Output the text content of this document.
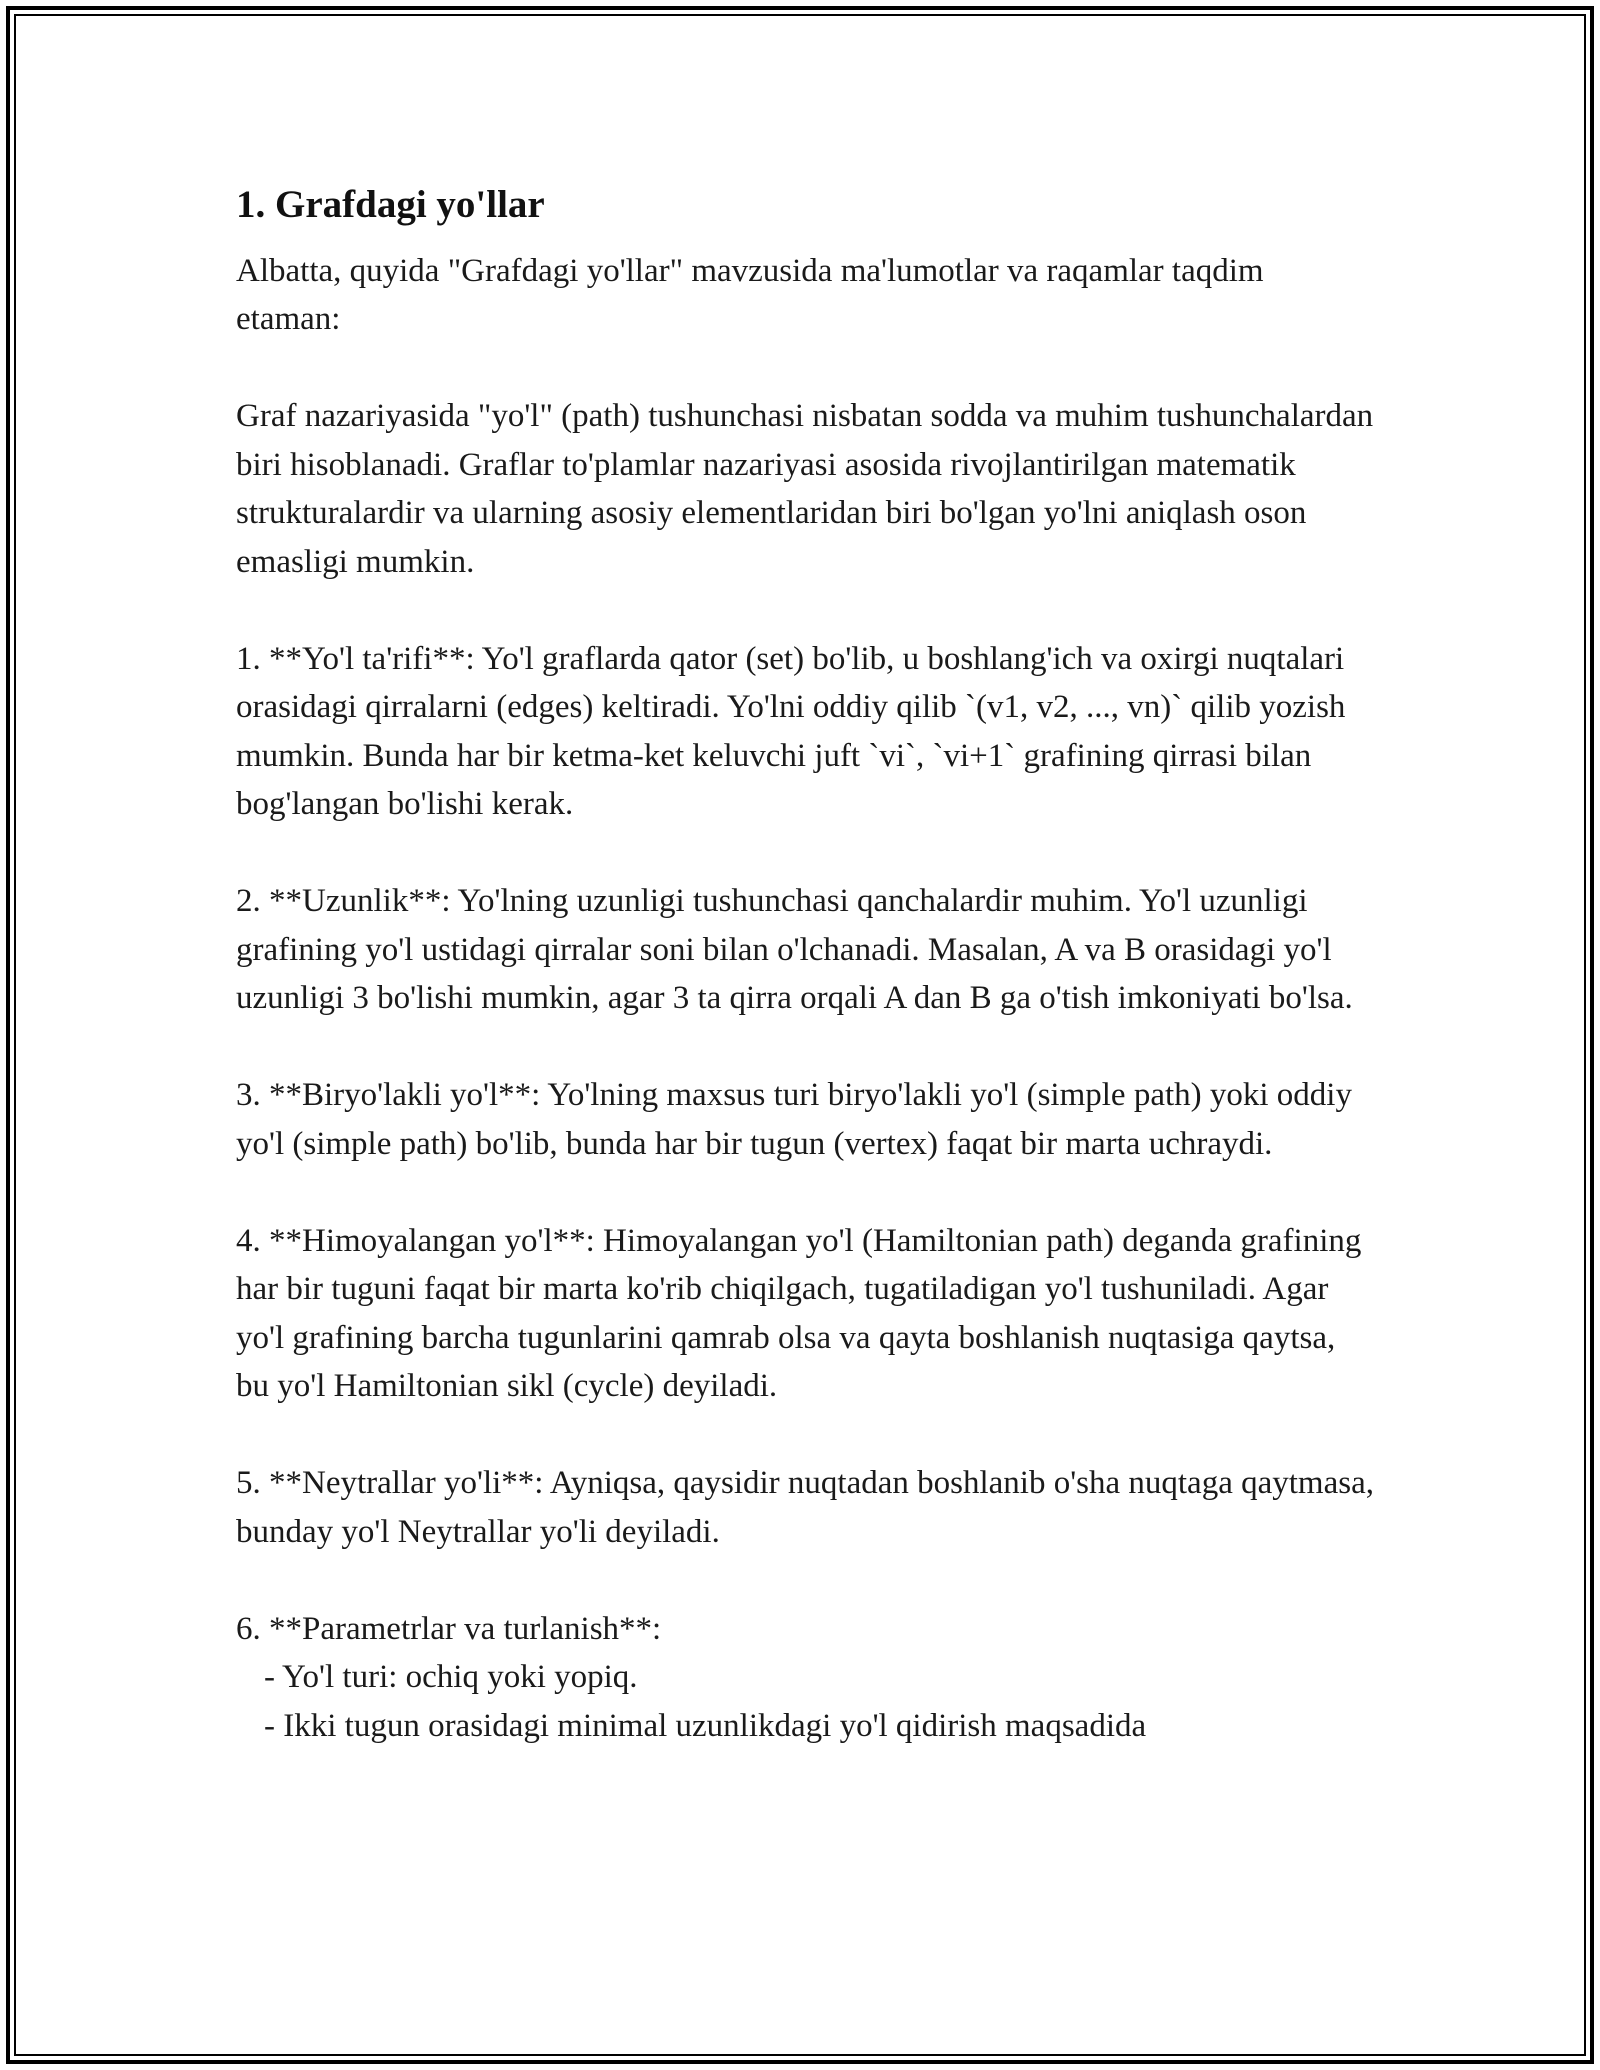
1. Grafdagi yo'llar

Albatta, quyida "Grafdagi yo'llar" mavzusida ma'lumotlar va raqamlar taqdim etaman:

Graf nazariyasida "yo'l" (path) tushunchasi nisbatan sodda va muhim tushunchalardan biri hisoblanadi. Graflar to'plamlar nazariyasi asosida rivojlantirilgan matematik strukturalardir va ularning asosiy elementlaridan biri bo'lgan yo'lni aniqlash oson emasligi mumkin.

1. **Yo'l ta'rifi**: Yo'l graflarda qator (set) bo'lib, u boshlang'ich va oxirgi nuqtalari orasidagi qirralarni (edges) keltiradi. Yo'lni oddiy qilib `(v1, v2, ..., vn)` qilib yozish mumkin. Bunda har bir ketma-ket keluvchi juft `vi`, `vi+1` grafining qirrasi bilan bog'langan bo'lishi kerak.

2. **Uzunlik**: Yo'lning uzunligi tushunchasi qanchalardir muhim. Yo'l uzunligi grafining yo'l ustidagi qirralar soni bilan o'lchanadi. Masalan, A va B orasidagi yo'l uzunligi 3 bo'lishi mumkin, agar 3 ta qirra orqali A dan B ga o'tish imkoniyati bo'lsa.

3. **Biryo'lakli yo'l**: Yo'lning maxsus turi biryo'lakli yo'l (simple path) yoki oddiy yo'l (simple path) bo'lib, bunda har bir tugun (vertex) faqat bir marta uchraydi.

4. **Himoyalangan yo'l**: Himoyalangan yo'l (Hamiltonian path) deganda grafining har bir tuguni faqat bir marta ko'rib chiqilgach, tugatiladigan yo'l tushuniladi. Agar yo'l grafining barcha tugunlarini qamrab olsa va qayta boshlanish nuqtasiga qaytsa, bu yo'l Hamiltonian sikl (cycle) deyiladi.

5. **Neytrallar yo'li**: Ayniqsa, qaysidir nuqtadan boshlanib o'sha nuqtaga qaytmasa, bunday yo'l Neytrallar yo'li deyiladi.

6. **Parametrlar va turlanish**:

- Yo'l turi: ochiq yoki yopiq.
- Ikki tugun orasidagi minimal uzunlikdagi yo'l qidirish maqsadida
